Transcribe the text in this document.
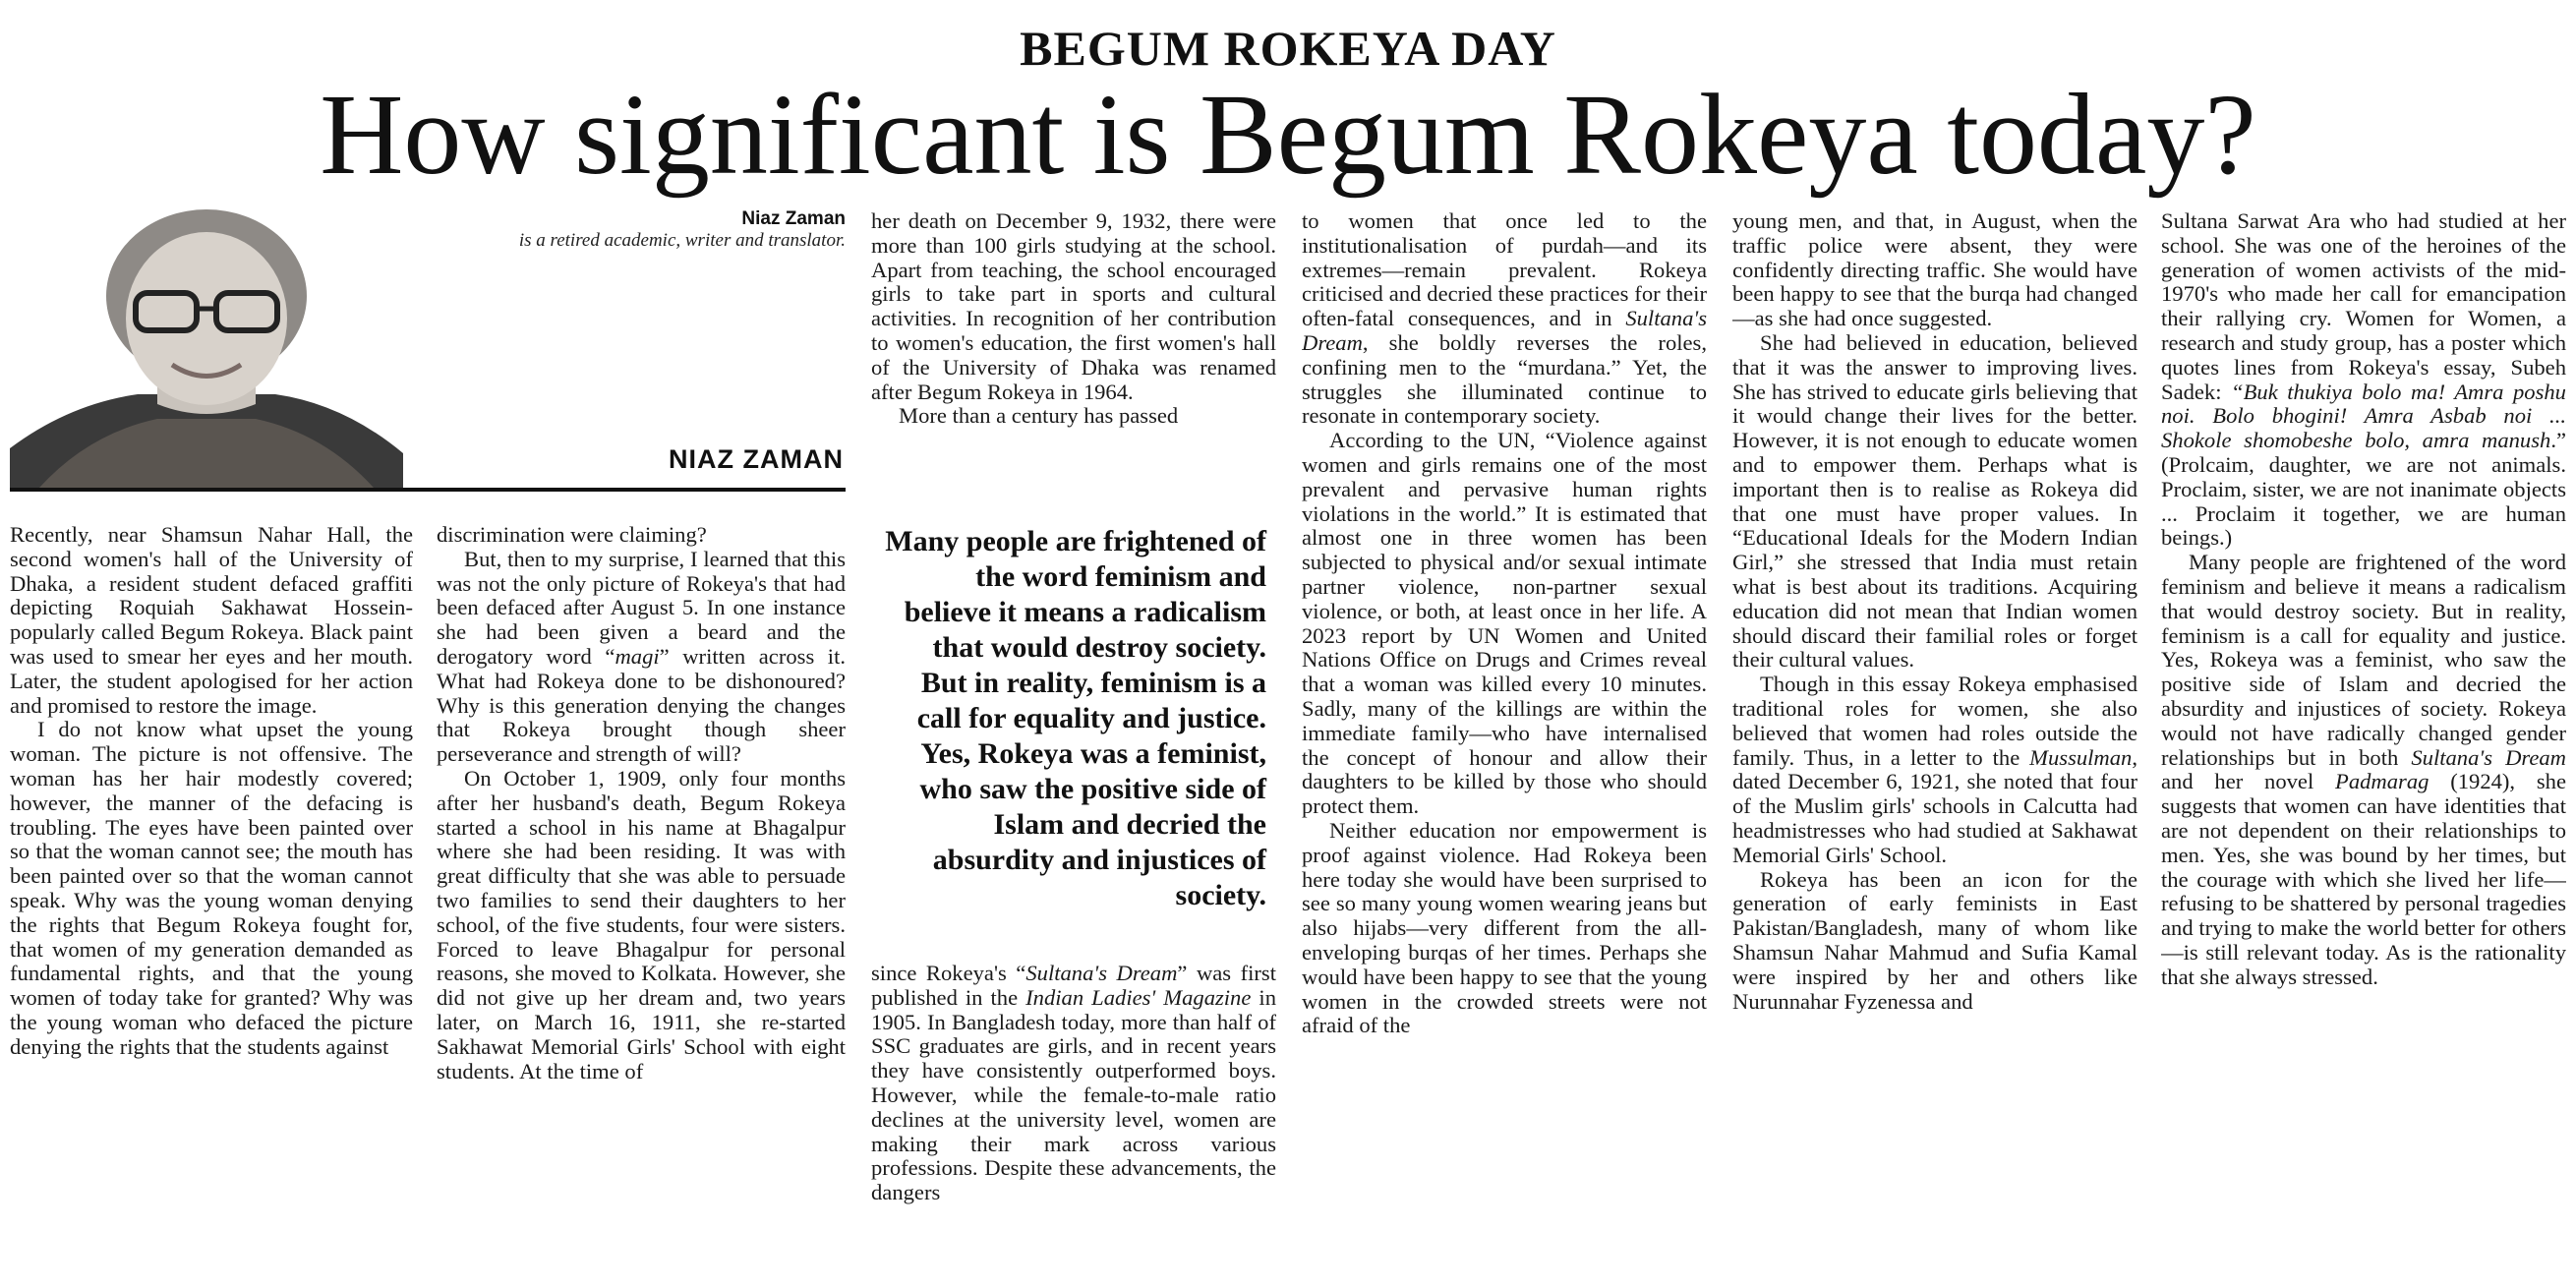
BEGUM ROKEYA DAY
How significant is Begum Rokeya today?
Niaz Zaman
is a retired academic, writer and translator.
NIAZ ZAMAN

Recently, near Shamsun Nahar Hall, the second women's hall of the University of Dhaka, a resident student defaced graffiti depicting Roquiah Sakhawat Hossein- popularly called Begum Rokeya. Black paint was used to smear her eyes and her mouth. Later, the student apologised for her action and promised to restore the image.

I do not know what upset the young woman. The picture is not offensive. The woman has her hair modestly covered; however, the manner of the defacing is troubling. The eyes have been painted over so that the woman cannot see; the mouth has been painted over so that the woman cannot speak. Why was the young woman denying the rights that Begum Rokeya fought for, that women of my generation demanded as fundamental rights, and that the young women of today take for granted? Why was the young woman who defaced the picture denying the rights that the students against

discrimination were claiming?

But, then to my surprise, I learned that this was not the only picture of Rokeya's that had been defaced after August 5. In one instance she had been given a beard and the derogatory word “magi” written across it. What had Rokeya done to be dishonoured? Why is this generation denying the changes that Rokeya brought though sheer perseverance and strength of will?

On October 1, 1909, only four months after her husband's death, Begum Rokeya started a school in his name at Bhagalpur where she had been residing. It was with great difficulty that she was able to persuade two families to send their daughters to her school, of the five students, four were sisters. Forced to leave Bhagalpur for personal reasons, she moved to Kolkata. However, she did not give up her dream and, two years later, on March 16, 1911, she re-started Sakhawat Memorial Girls' School with eight students. At the time of

her death on December 9, 1932, there were more than 100 girls studying at the school. Apart from teaching, the school encouraged girls to take part in sports and cultural activities. In recognition of her contribution to women's education, the first women's hall of the University of Dhaka was renamed after Begum Rokeya in 1964.

More than a century has passed

Many people are frightened of the word feminism and believe it means a radicalism that would destroy society. But in reality, feminism is a call for equality and justice. Yes, Rokeya was a feminist, who saw the positive side of Islam and decried the absurdity and injustices of society.

since Rokeya's “Sultana's Dream” was first published in the Indian Ladies' Magazine in 1905. In Bangladesh today, more than half of SSC graduates are girls, and in recent years they have consistently outperformed boys. However, while the female-to-male ratio declines at the university level, women are making their mark across various professions. Despite these advancements, the dangers

to women that once led to the institutionalisation of purdah—and its extremes—remain prevalent. Rokeya criticised and decried these practices for their often-fatal consequences, and in Sultana's Dream, she boldly reverses the roles, confining men to the “murdana.” Yet, the struggles she illuminated continue to resonate in contemporary society.

According to the UN, “Violence against women and girls remains one of the most prevalent and pervasive human rights violations in the world.” It is estimated that almost one in three women has been subjected to physical and/or sexual intimate partner violence, non-partner sexual violence, or both, at least once in her life. A 2023 report by UN Women and United Nations Office on Drugs and Crimes reveal that a woman was killed every 10 minutes. Sadly, many of the killings are within the immediate family—who have internalised the concept of honour and allow their daughters to be killed by those who should protect them.

Neither education nor empowerment is proof against violence. Had Rokeya been here today she would have been surprised to see so many young women wearing jeans but also hijabs—very different from the all-enveloping burqas of her times. Perhaps she would have been happy to see that the young women in the crowded streets were not afraid of the

young men, and that, in August, when the traffic police were absent, they were confidently directing traffic. She would have been happy to see that the burqa had changed—as she had once suggested.

She had believed in education, believed that it was the answer to improving lives. She has strived to educate girls believing that it would change their lives for the better. However, it is not enough to educate women and to empower them. Perhaps what is important then is to realise as Rokeya did that one must have proper values. In “Educational Ideals for the Modern Indian Girl,” she stressed that India must retain what is best about its traditions. Acquiring education did not mean that Indian women should discard their familial roles or forget their cultural values.

Though in this essay Rokeya emphasised traditional roles for women, she also believed that women had roles outside the family. Thus, in a letter to the Mussulman, dated December 6, 1921, she noted that four of the Muslim girls' schools in Calcutta had headmistresses who had studied at Sakhawat Memorial Girls' School.

Rokeya has been an icon for the generation of early feminists in East Pakistan/Bangladesh, many of whom like Shamsun Nahar Mahmud and Sufia Kamal were inspired by her and others like Nurunnahar Fyzenessa and

Sultana Sarwat Ara who had studied at her school. She was one of the heroines of the generation of women activists of the mid-1970's who made her call for emancipation their rallying cry. Women for Women, a research and study group, has a poster which quotes lines from Rokeya's essay, Subeh Sadek: “Buk thukiya bolo ma! Amra poshu noi. Bolo bhogini! Amra Asbab noi ... Shokole shomobeshe bolo, amra manush.” (Prolcaim, daughter, we are not animals. Proclaim, sister, we are not inanimate objects ... Proclaim it together, we are human beings.)

Many people are frightened of the word feminism and believe it means a radicalism that would destroy society. But in reality, feminism is a call for equality and justice. Yes, Rokeya was a feminist, who saw the positive side of Islam and decried the absurdity and injustices of society. Rokeya would not have radically changed gender relationships but in both Sultana's Dream and her novel Padmarag (1924), she suggests that women can have identities that are not dependent on their relationships to men. Yes, she was bound by her times, but the courage with which she lived her life—refusing to be shattered by personal tragedies and trying to make the world better for others—is still relevant today. As is the rationality that she always stressed.
